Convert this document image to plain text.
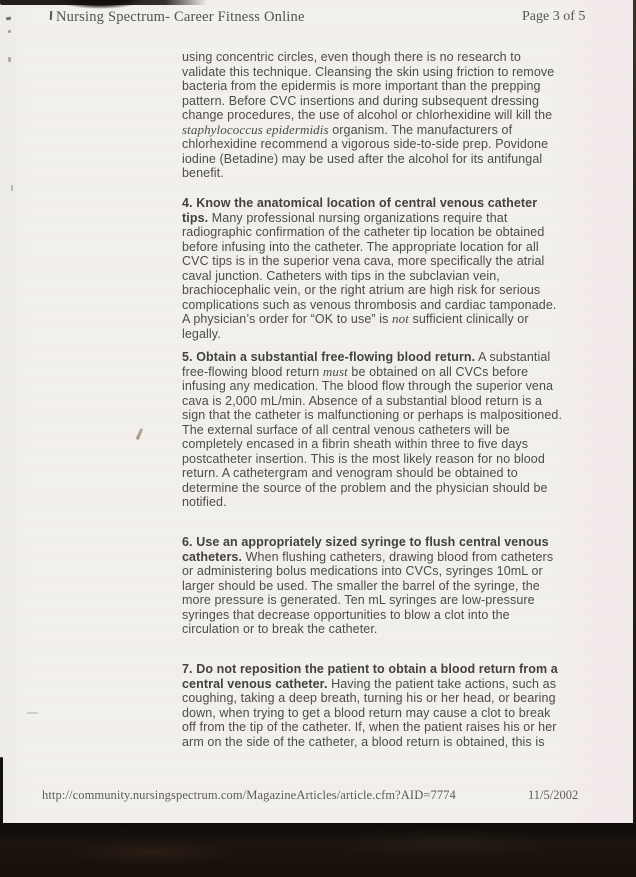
Nursing Spectrum- Career Fitness Online	Page 3 of 5
using concentric circles, even though there is no research to validate this technique. Cleansing the skin using friction to remove bacteria from the epidermis is more important than the prepping pattern. Before CVC insertions and during subsequent dressing change procedures, the use of alcohol or chlorhexidine will kill the staphylococcus epidermidis organism. The manufacturers of chlorhexidine recommend a vigorous side-to-side prep. Povidone iodine (Betadine) may be used after the alcohol for its antifungal benefit.
4. Know the anatomical location of central venous catheter tips. Many professional nursing organizations require that radiographic confirmation of the catheter tip location be obtained before infusing into the catheter. The appropriate location for all CVC tips is in the superior vena cava, more specifically the atrial caval junction. Catheters with tips in the subclavian vein, brachiocephalic vein, or the right atrium are high risk for serious complications such as venous thrombosis and cardiac tamponade. A physician’s order for “OK to use” is not sufficient clinically or legally.
5. Obtain a substantial free-flowing blood return. A substantial free-flowing blood return must be obtained on all CVCs before infusing any medication. The blood flow through the superior vena cava is 2,000 mL/min. Absence of a substantial blood return is a sign that the catheter is malfunctioning or perhaps is malpositioned. The external surface of all central venous catheters will be completely encased in a fibrin sheath within three to five days postcatheter insertion. This is the most likely reason for no blood return. A cathetergram and venogram should be obtained to determine the source of the problem and the physician should be notified.
6. Use an appropriately sized syringe to flush central venous catheters. When flushing catheters, drawing blood from catheters or administering bolus medications into CVCs, syringes 10mL or larger should be used. The smaller the barrel of the syringe, the more pressure is generated. Ten mL syringes are low-pressure syringes that decrease opportunities to blow a clot into the circulation or to break the catheter.
7. Do not reposition the patient to obtain a blood return from a central venous catheter. Having the patient take actions, such as coughing, taking a deep breath, turning his or her head, or bearing down, when trying to get a blood return may cause a clot to break off from the tip of the catheter. If, when the patient raises his or her arm on the side of the catheter, a blood return is obtained, this is
http://community.nursingspectrum.com/MagazineArticles/article.cfm?AID=7774	11/5/2002
